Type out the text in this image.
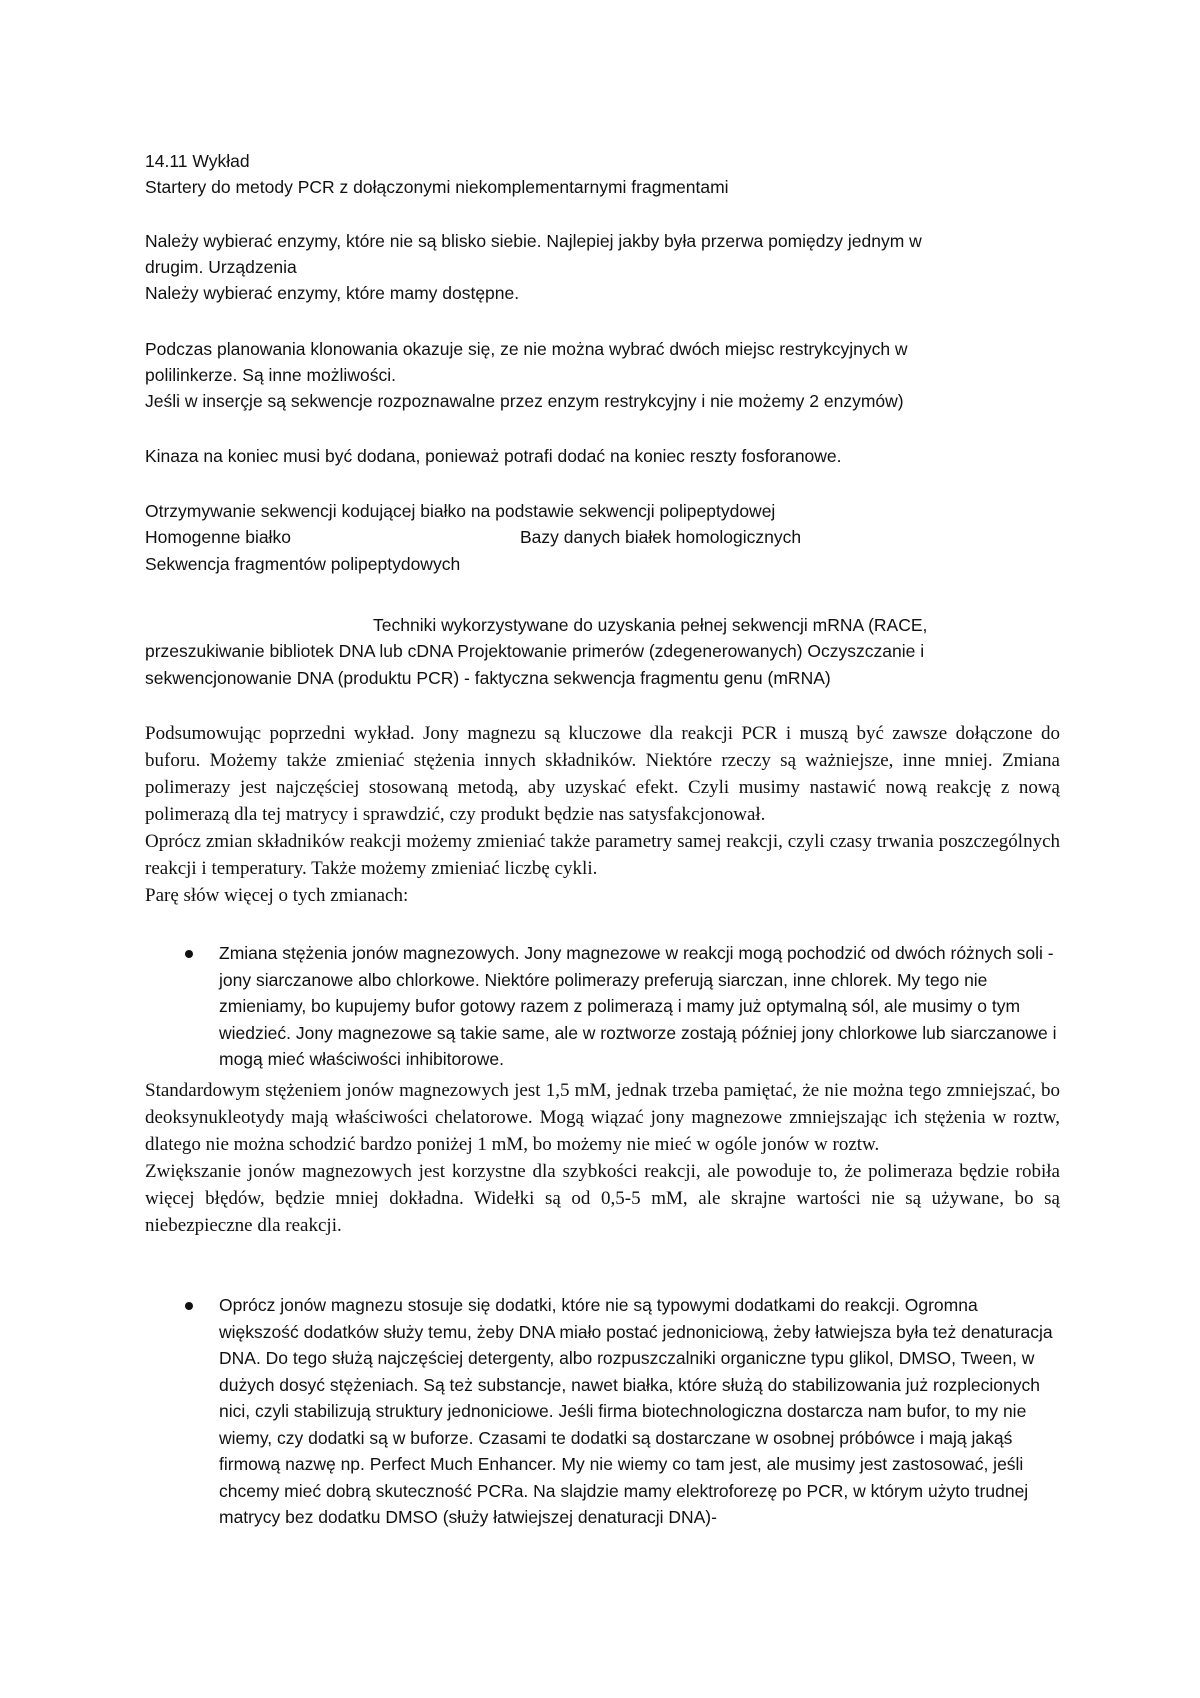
14.11 Wykład
Startery do metody PCR z dołączonymi niekomplementarnymi fragmentami
Należy wybierać enzymy, które nie są blisko siebie. Najlepiej jakby była przerwa pomiędzy jednym w
drugim. Urządzenia
Należy wybierać enzymy, które mamy dostępne.
Podczas planowania klonowania okazuje się, ze nie można wybrać dwóch miejsc restrykcyjnych w
polilinkerze. Są inne możliwości.
Jeśli w inserçje są sekwencje rozpoznawalne przez enzym restrykcyjny i nie możemy 2 enzymów)
Kinaza na koniec musi być dodana, ponieważ potrafi dodać na koniec reszty fosforanowe.
Otrzymywanie sekwencji kodującej białko na podstawie sekwencji polipeptydowej
Homogenne białko	Bazy danych białek homologicznych
Sekwencja fragmentów polipeptydowych
Techniki wykorzystywane do uzyskania pełnej sekwencji mRNA (RACE,
przeszukiwanie bibliotek DNA lub cDNA Projektowanie primerów (zdegenerowanych) Oczyszczanie i
sekwencjonowanie DNA (produktu PCR) - faktyczna sekwencja fragmentu genu (mRNA)

Podsumowując poprzedni wykład. Jony magnezu są kluczowe dla reakcji PCR i muszą być zawsze dołączone do buforu. Możemy także zmieniać stężenia innych składników. Niektóre rzeczy są ważniejsze, inne mniej. Zmiana polimerazy jest najczęściej stosowaną metodą, aby uzyskać efekt. Czyli musimy nastawić nową reakcję z nową polimerazą dla tej matrycy i sprawdzić, czy produkt będzie nas satysfakcjonował.

Oprócz zmian składników reakcji możemy zmieniać także parametry samej reakcji, czyli czasy trwania poszczególnych reakcji i temperatury. Także możemy zmieniać liczbę cykli.

Parę słów więcej o tych zmianach:

Zmiana stężenia jonów magnezowych. Jony magnezowe w reakcji mogą pochodzić od dwóch różnych soli - jony siarczanowe albo chlorkowe. Niektóre polimerazy preferują siarczan, inne chlorek. My tego nie zmieniamy, bo kupujemy bufor gotowy razem z polimerazą i mamy już optymalną sól, ale musimy o tym wiedzieć. Jony magnezowe są takie same, ale w roztworze zostają później jony chlorkowe lub siarczanowe i mogą mieć właściwości inhibitorowe.

Standardowym stężeniem jonów magnezowych jest 1,5 mM, jednak trzeba pamiętać, że nie można tego zmniejszać, bo deoksynukleotydy mają właściwości chelatorowe. Mogą wiązać jony magnezowe zmniejszając ich stężenia w roztw, dlatego nie można schodzić bardzo poniżej 1 mM, bo możemy nie mieć w ogóle jonów w roztw.

Zwiększanie jonów magnezowych jest korzystne dla szybkości reakcji, ale powoduje to, że polimeraza będzie robiła więcej błędów, będzie mniej dokładna. Widełki są od 0,5-5 mM, ale skrajne wartości nie są używane, bo są niebezpieczne dla reakcji.

Oprócz jonów magnezu stosuje się dodatki, które nie są typowymi dodatkami do reakcji. Ogromna większość dodatków służy temu, żeby DNA miało postać jednoniciową, żeby łatwiejsza była też denaturacja DNA. Do tego służą najczęściej detergenty, albo rozpuszczalniki organiczne typu glikol, DMSO, Tween, w dużych dosyć stężeniach. Są też substancje, nawet białka, które służą do stabilizowania już rozplecionych nici, czyli stabilizują struktury jednoniciowe. Jeśli firma biotechnologiczna dostarcza nam bufor, to my nie wiemy, czy dodatki są w buforze. Czasami te dodatki są dostarczane w osobnej próbówce i mają jakąś firmową nazwę np. Perfect Much Enhancer. My nie wiemy co tam jest, ale musimy jest zastosować, jeśli chcemy mieć dobrą skuteczność PCRa. Na slajdzie mamy elektroforezę po PCR, w którym użyto trudnej matrycy bez dodatku DMSO (służy łatwiejszej denaturacji DNA)-
